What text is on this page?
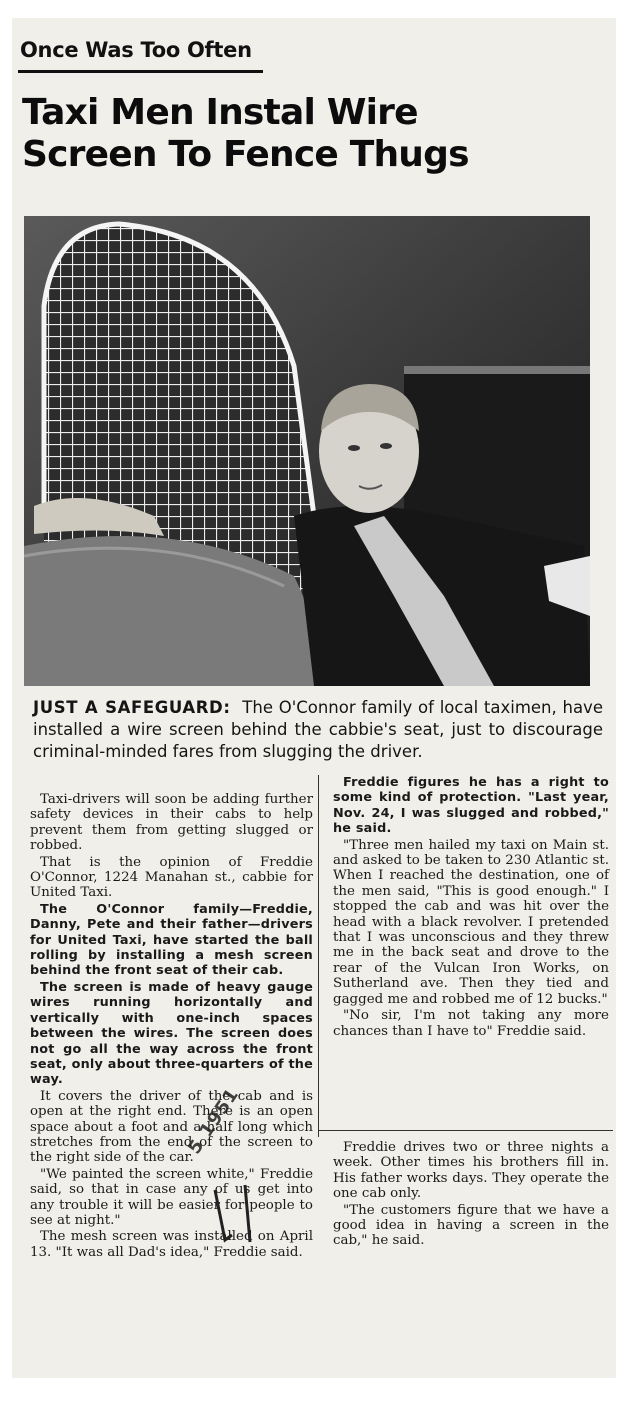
Once Was Too Often
Taxi Men Instal Wire
Screen To Fence Thugs
JUST A SAFEGUARD: The O'Connor family of local taximen, have installed a wire screen behind the cabbie's seat, just to discourage criminal-minded fares from slugging the driver.

Taxi-drivers will soon be adding further safety devices in their cabs to help prevent them from getting slugged or robbed.

That is the opinion of Freddie O'Connor, 1224 Manahan st., cabbie for United Taxi.

The O'Connor family—Freddie, Danny, Pete and their father—drivers for United Taxi, have started the ball rolling by installing a mesh screen behind the front seat of their cab.

The screen is made of heavy gauge wires running horizontally and vertically with one-inch spaces between the wires. The screen does not go all the way across the front seat, only about three-quarters of the way.

It covers the driver of the cab and is open at the right end. There is an open space about a foot and a half long which stretches from the end of the screen to the right side of the car.

"We painted the screen white," Freddie said, so that in case any of us get into any trouble it will be easier for people to see at night."

The mesh screen was installed on April 13. "It was all Dad's idea," Freddie said.

Freddie figures he has a right to some kind of protection. "Last year, Nov. 24, I was slugged and robbed," he said.

"Three men hailed my taxi on Main st. and asked to be taken to 230 Atlantic st. When I reached the destination, one of the men said, "This is good enough." I stopped the cab and was hit over the head with a black revolver. I pretended that I was unconscious and they threw me in the back seat and drove to the rear of the Vulcan Iron Works, on Sutherland ave. Then they tied and gagged me and robbed me of 12 bucks."

"No sir, I'm not taking any more chances than I have to" Freddie said.

Freddie drives two or three nights a week. Other times his brothers fill in. His father works days. They operate the one cab only.

"The customers figure that we have a good idea in having a screen in the cab," he said.

5 1951
